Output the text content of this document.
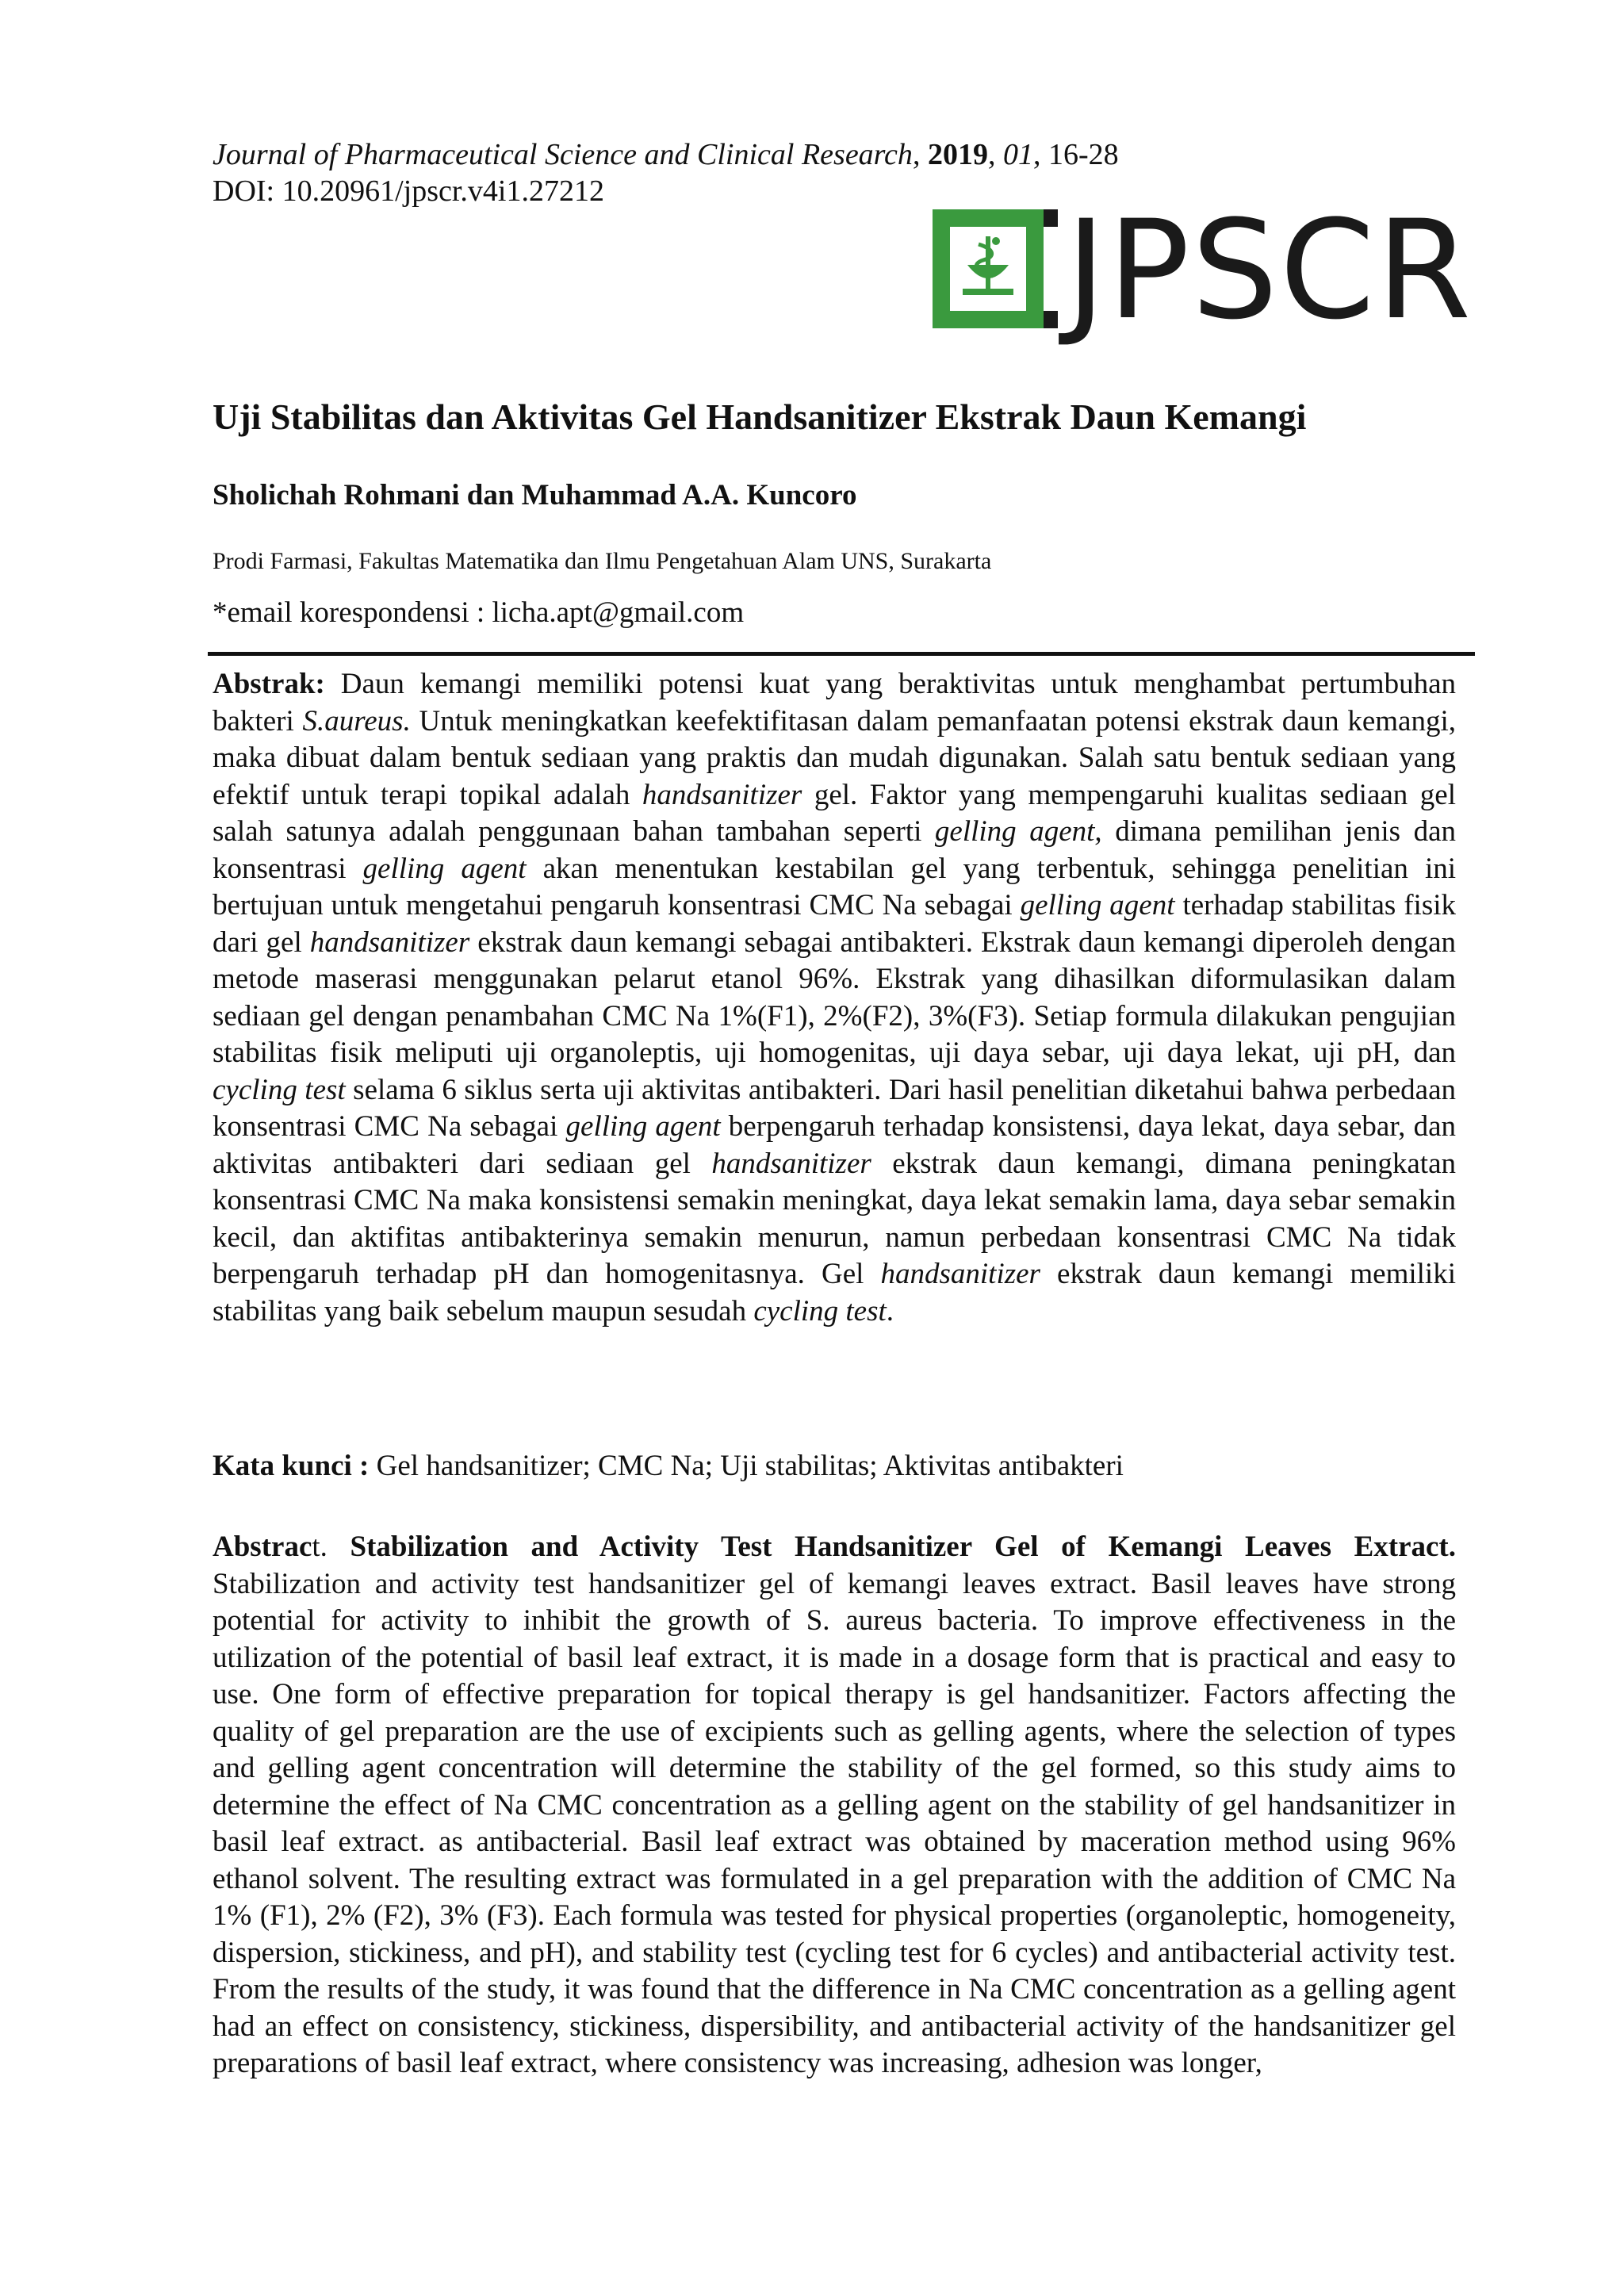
Journal of Pharmaceutical Science and Clinical Research, 2019, 01, 16-28
DOI: 10.20961/jpscr.v4i1.27212	JPSCR
Uji Stabilitas dan Aktivitas Gel Handsanitizer Ekstrak Daun Kemangi
Sholichah Rohmani dan Muhammad A.A. Kuncoro
Prodi Farmasi, Fakultas Matematika dan Ilmu Pengetahuan Alam UNS, Surakarta
*email korespondensi : licha.apt@gmail.com
Abstrak: Daun kemangi memiliki potensi kuat yang beraktivitas untuk menghambat pertumbuhan bakteri S.aureus. Untuk meningkatkan keefektifitasan dalam pemanfaatan potensi ekstrak daun kemangi, maka dibuat dalam bentuk sediaan yang praktis dan mudah digunakan. Salah satu bentuk sediaan yang efektif untuk terapi topikal adalah handsanitizer gel. Faktor yang mempengaruhi kualitas sediaan gel salah satunya adalah penggunaan bahan tambahan seperti gelling agent, dimana pemilihan jenis dan konsentrasi gelling agent akan menentukan kestabilan gel yang terbentuk, sehingga penelitian ini bertujuan untuk mengetahui pengaruh konsentrasi CMC Na sebagai gelling agent terhadap stabilitas fisik dari gel handsanitizer ekstrak daun kemangi sebagai antibakteri. Ekstrak daun kemangi diperoleh dengan metode maserasi menggunakan pelarut etanol 96%. Ekstrak yang dihasilkan diformulasikan dalam sediaan gel dengan penambahan CMC Na 1%(F1), 2%(F2), 3%(F3). Setiap formula dilakukan pengujian stabilitas fisik meliputi uji organoleptis, uji homogenitas, uji daya sebar, uji daya lekat, uji pH, dan cycling test selama 6 siklus serta uji aktivitas antibakteri. Dari hasil penelitian diketahui bahwa perbedaan konsentrasi CMC Na sebagai gelling agent berpengaruh terhadap konsistensi, daya lekat, daya sebar, dan aktivitas antibakteri dari sediaan gel handsanitizer ekstrak daun kemangi, dimana peningkatan konsentrasi CMC Na maka konsistensi semakin meningkat, daya lekat semakin lama, daya sebar semakin kecil, dan aktifitas antibakterinya semakin menurun, namun perbedaan konsentrasi CMC Na tidak berpengaruh terhadap pH dan homogenitasnya. Gel handsanitizer ekstrak daun kemangi memiliki stabilitas yang baik sebelum maupun sesudah cycling test.
Kata kunci : Gel handsanitizer; CMC Na; Uji stabilitas; Aktivitas antibakteri
Abstract. Stabilization and Activity Test Handsanitizer Gel of Kemangi Leaves Extract. Stabilization and activity test handsanitizer gel of kemangi leaves extract. Basil leaves have strong potential for activity to inhibit the growth of S. aureus bacteria. To improve effectiveness in the utilization of the potential of basil leaf extract, it is made in a dosage form that is practical and easy to use. One form of effective preparation for topical therapy is gel handsanitizer. Factors affecting the quality of gel preparation are the use of excipients such as gelling agents, where the selection of types and gelling agent concentration will determine the stability of the gel formed, so this study aims to determine the effect of Na CMC concentration as a gelling agent on the stability of gel handsanitizer in basil leaf extract. as antibacterial. Basil leaf extract was obtained by maceration method using 96% ethanol solvent. The resulting extract was formulated in a gel preparation with the addition of CMC Na 1% (F1), 2% (F2), 3% (F3). Each formula was tested for physical properties (organoleptic, homogeneity, dispersion, stickiness, and pH), and stability test (cycling test for 6 cycles) and antibacterial activity test. From the results of the study, it was found that the difference in Na CMC concentration as a gelling agent had an effect on consistency, stickiness, dispersibility, and antibacterial activity of the handsanitizer gel preparations of basil leaf extract, where consistency was increasing, adhesion was longer,
